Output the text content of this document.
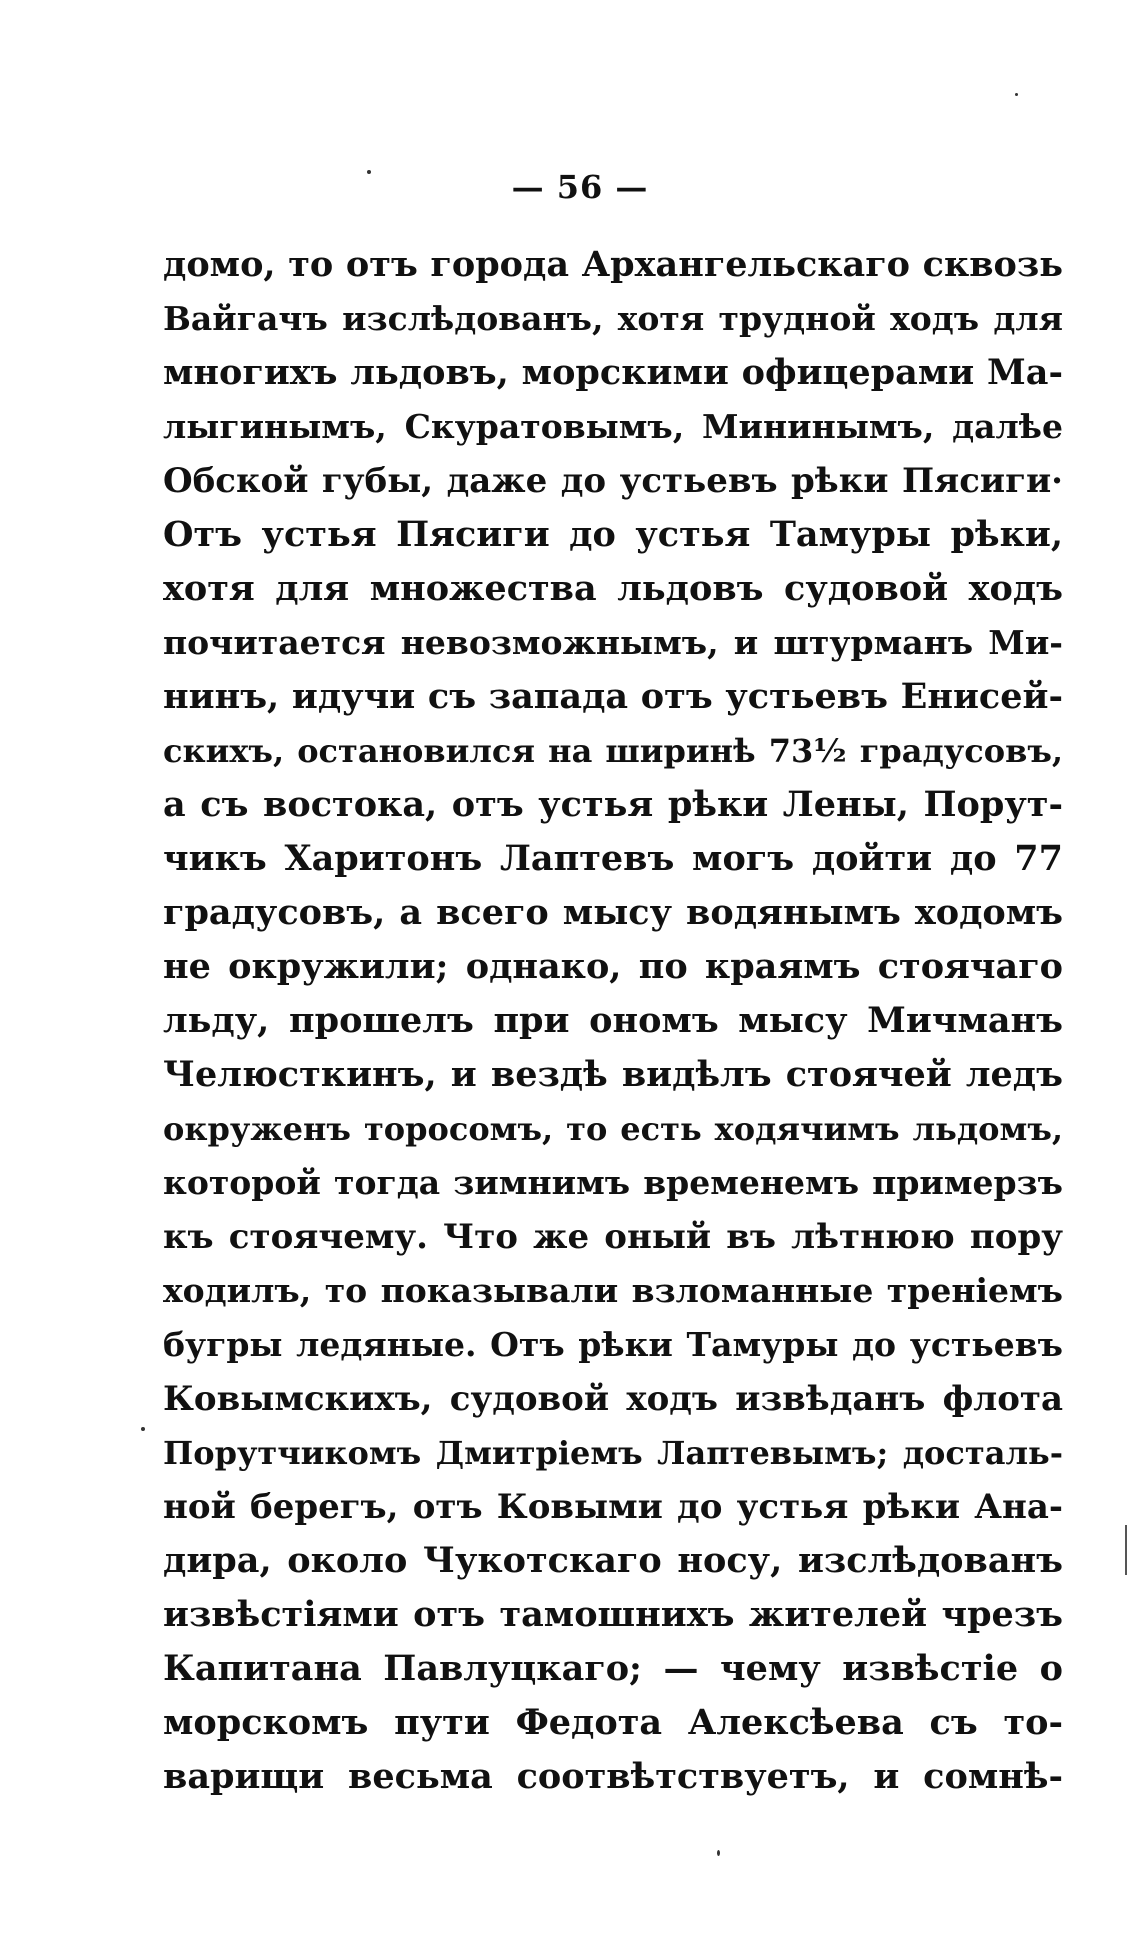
— 56 —
домо, то отъ города Архангельскаго сквозь
Вайгачъ изслѣдованъ, хотя трудной ходъ для
многихъ льдовъ, морскими офицерами Ма-
лыгинымъ, Скуратовымъ, Мининымъ, далѣе
Обской губы, даже до устьевъ рѣки Пясиги·
Отъ устья Пясиги до устья Тамуры рѣки,
хотя для множества льдовъ судовой ходъ
почитается невозможнымъ, и штурманъ Ми-
нинъ, идучи съ запада отъ устьевъ Енисей-
скихъ, остановился на ширинѣ 73½ градусовъ,
а съ востока, отъ устья рѣки Лены, Порут-
чикъ Харитонъ Лаптевъ могъ дойти до 77
градусовъ, а всего мысу водянымъ ходомъ
не окружили; однако, по краямъ стоячаго
льду, прошелъ при ономъ мысу Мичманъ
Челюсткинъ, и вездѣ видѣлъ стоячей ледъ
окруженъ торосомъ, то есть ходячимъ льдомъ,
которой тогда зимнимъ временемъ примерзъ
къ стоячему. Что же оный въ лѣтнюю пору
ходилъ, то показывали взломанные тренiемъ
бугры ледяные. Отъ рѣки Тамуры до устьевъ
Ковымскихъ, судовой ходъ извѣданъ флота
Порутчикомъ Дмитрiемъ Лаптевымъ; досталь-
ной берегъ, отъ Ковыми до устья рѣки Ана-
дира, около Чукотскаго носу, изслѣдованъ
извѣстiями отъ тамошнихъ жителей чрезъ
Капитана Павлуцкаго; — чему извѣстiе о
морскомъ пути Федота Алексѣева съ то-
варищи весьма соотвѣтствуетъ, и сомнѣ-
